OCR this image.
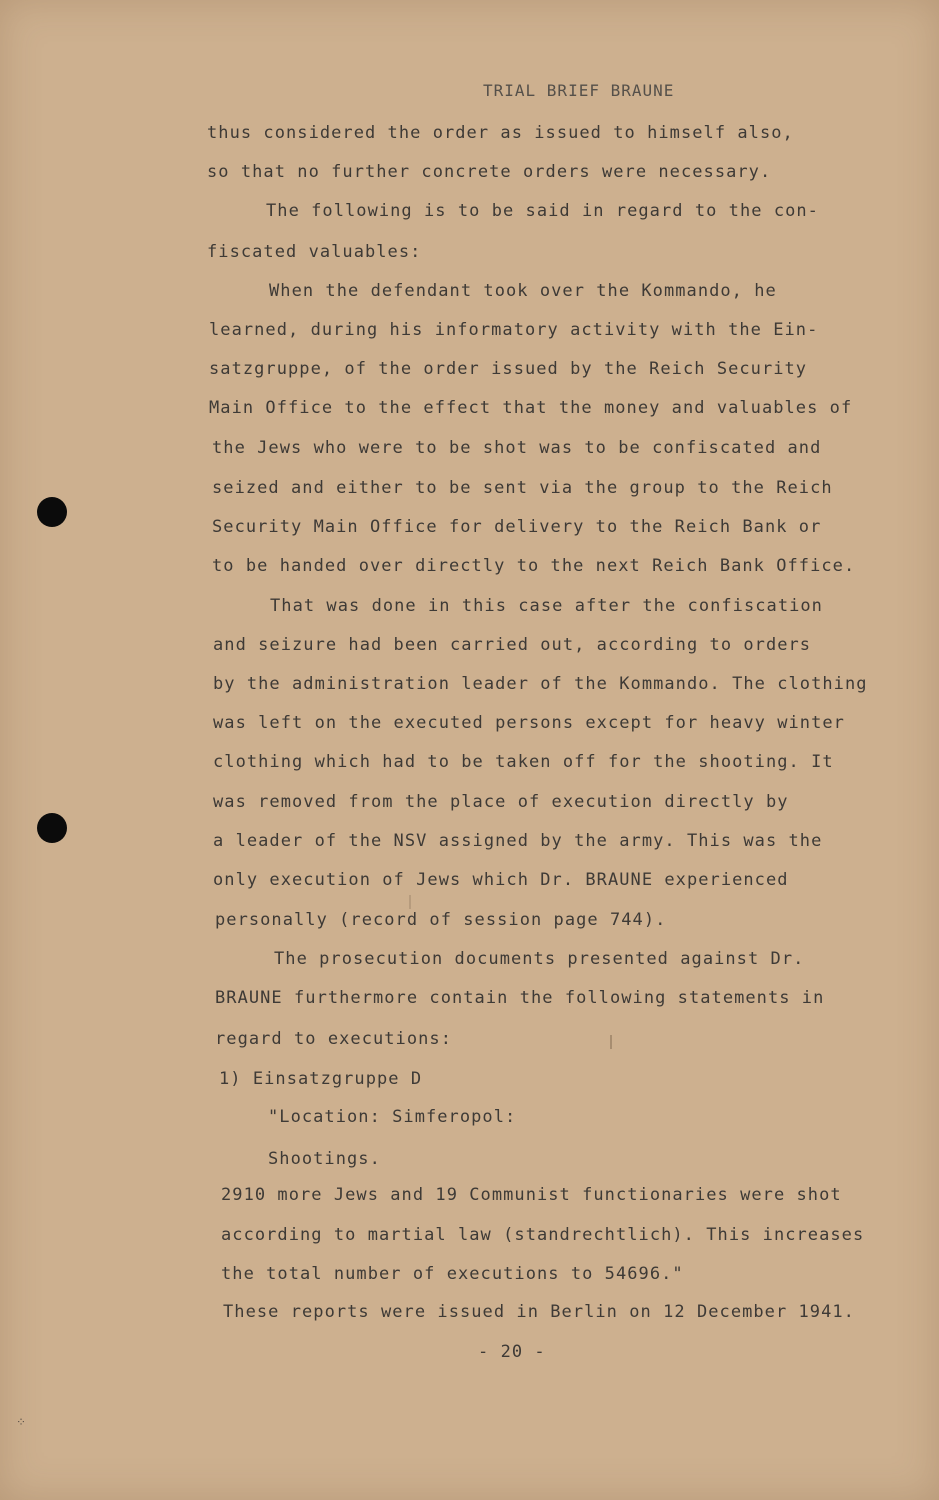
TRIAL BRIEF BRAUNE
thus considered the order as issued to himself also,
so that no further concrete orders were necessary.
The following is to be said in regard to the con-
fiscated valuables:
When the defendant took over the Kommando, he
learned, during his informatory activity with the Ein-
satzgruppe, of the order issued by the Reich Security
Main Office to the effect that the money and valuables of
the Jews who were to be shot was to be confiscated and
seized and either to be sent via the group to the Reich
Security Main Office for delivery to the Reich Bank or
to be handed over directly to the next Reich Bank Office.
That was done in this case after the confiscation
and seizure had been carried out, according to orders
by the administration leader of the Kommando. The clothing
was left on the executed persons except for heavy winter
clothing which had to be taken off for the shooting. It
was removed from the place of execution directly by
a leader of the NSV assigned by the army. This was the
only execution of Jews which Dr. BRAUNE experienced
personally (record of session page 744).
The prosecution documents presented against Dr.
BRAUNE furthermore contain the following statements in
regard to executions:
1) Einsatzgruppe D
"Location: Simferopol:
Shootings.
2910 more Jews and 19 Communist functionaries were shot
according to martial law (standrechtlich). This increases
the total number of executions to 54696."
These reports were issued in Berlin on 12 December 1941.
- 20 -
⁘
